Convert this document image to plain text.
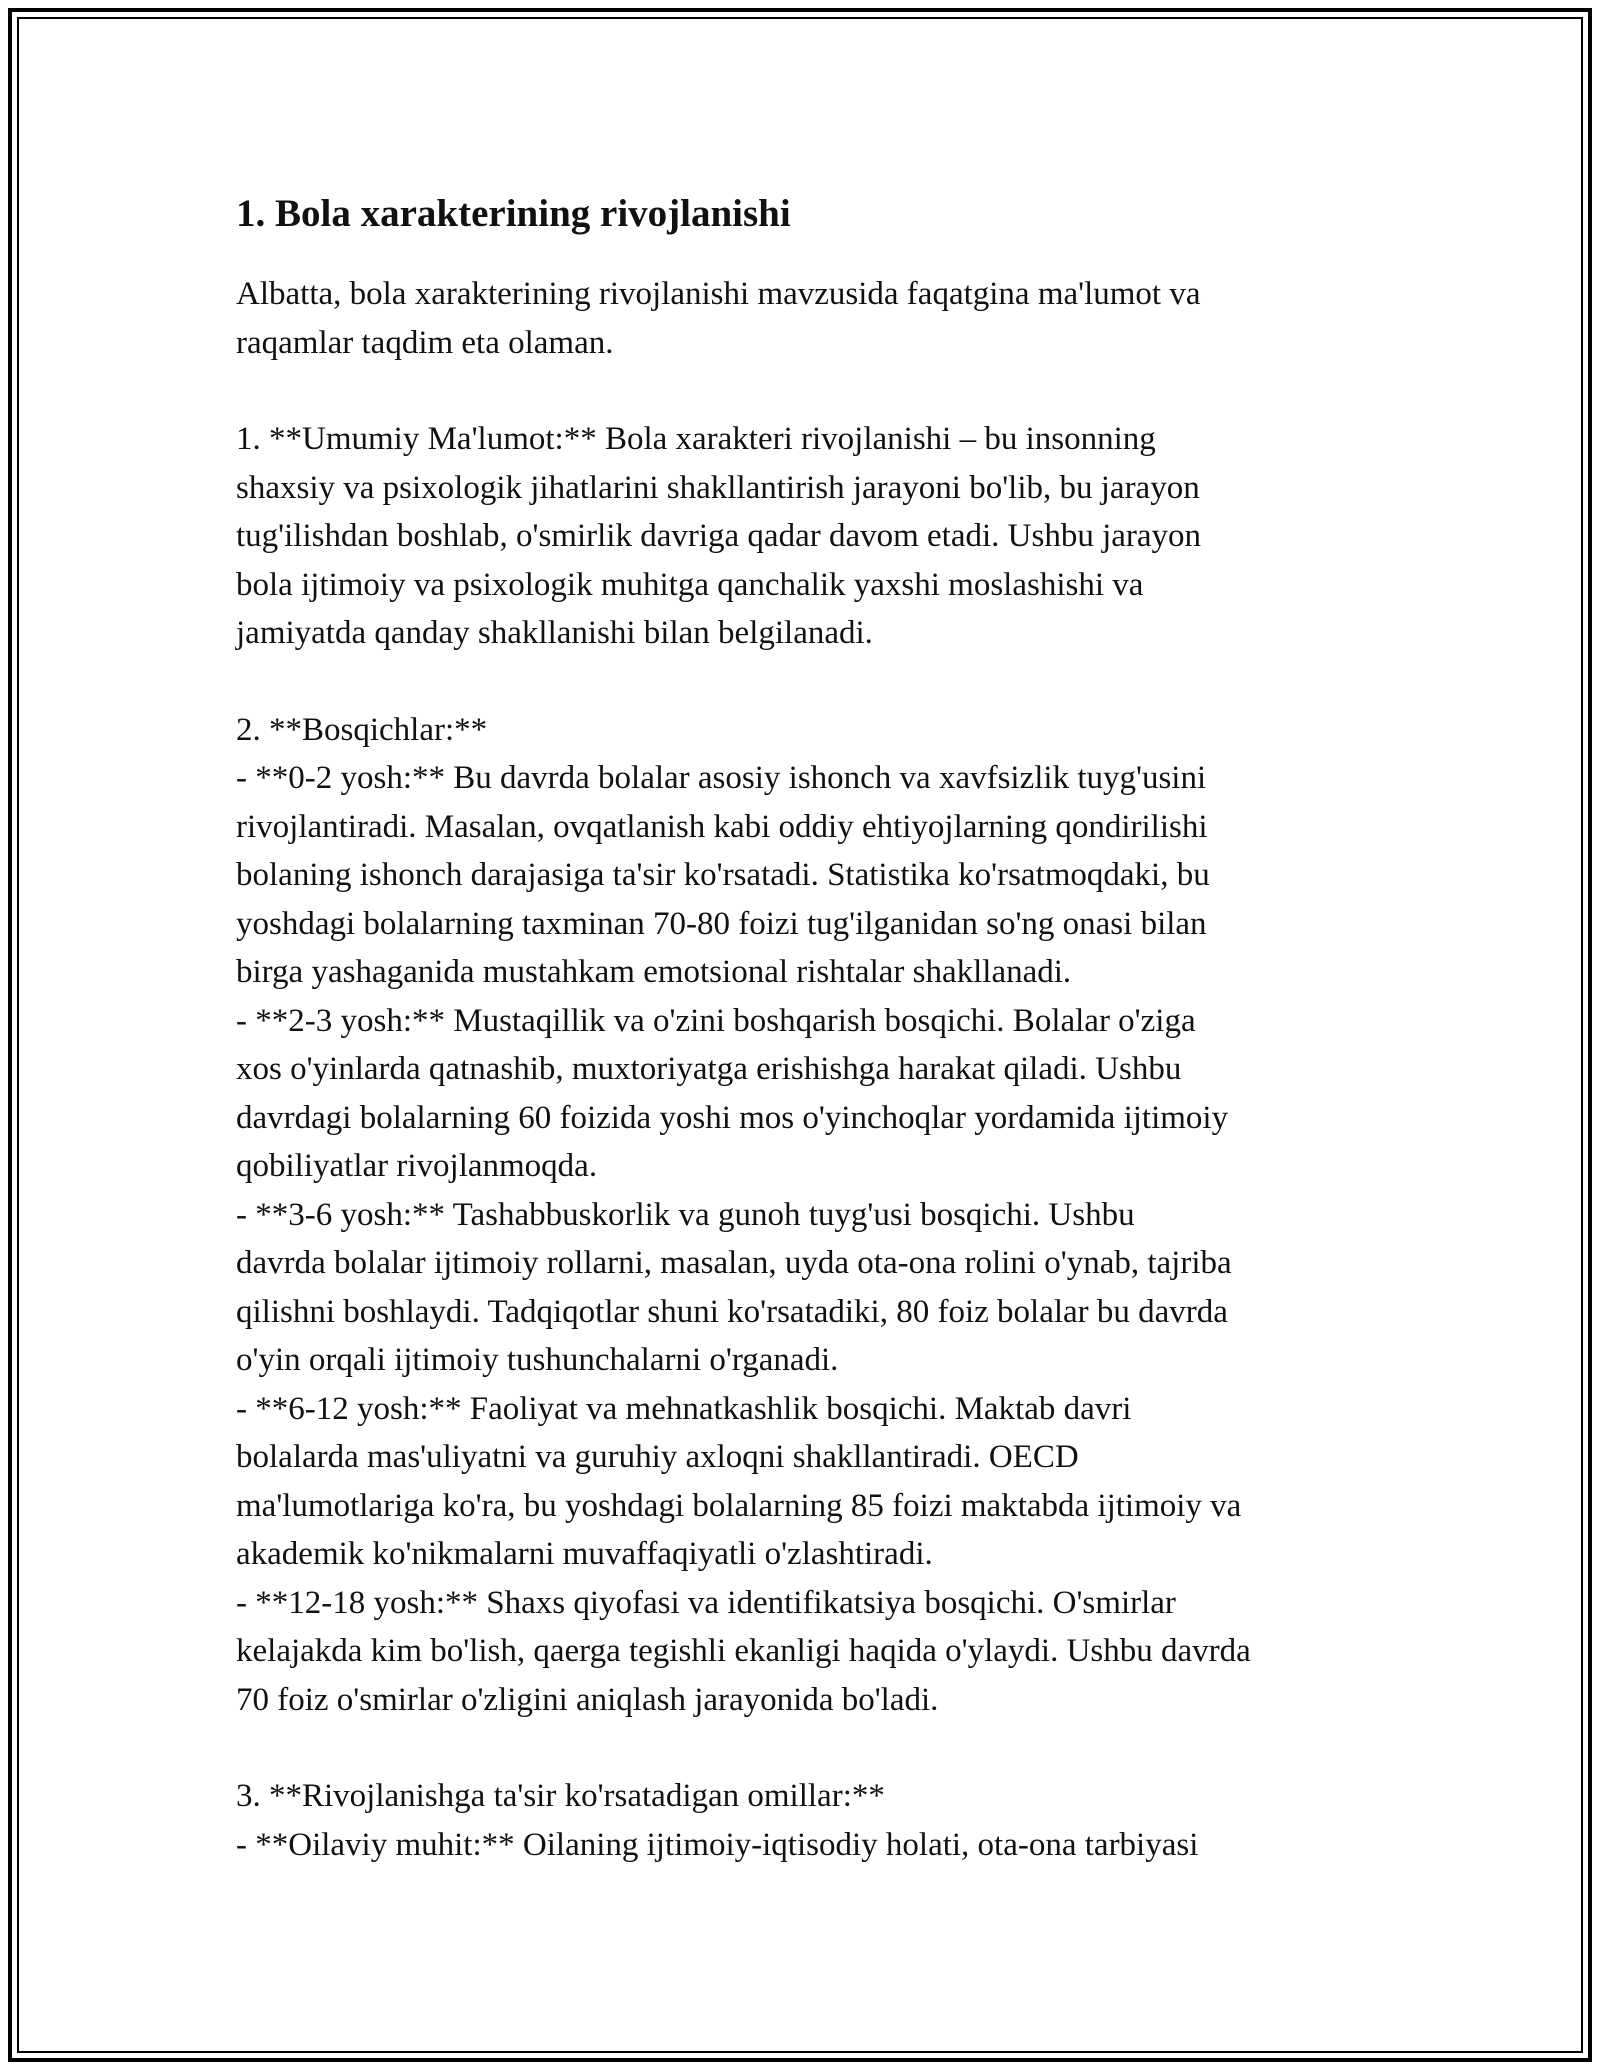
1. Bola xarakterining rivojlanishi

Albatta, bola xarakterining rivojlanishi mavzusida faqatgina ma'lumot va
raqamlar taqdim eta olaman.

1. **Umumiy Ma'lumot:** Bola xarakteri rivojlanishi – bu insonning
shaxsiy va psixologik jihatlarini shakllantirish jarayoni bo'lib, bu jarayon
tug'ilishdan boshlab, o'smirlik davriga qadar davom etadi. Ushbu jarayon
bola ijtimoiy va psixologik muhitga qanchalik yaxshi moslashishi va
jamiyatda qanday shakllanishi bilan belgilanadi.

2. **Bosqichlar:**
- **0-2 yosh:** Bu davrda bolalar asosiy ishonch va xavfsizlik tuyg'usini
rivojlantiradi. Masalan, ovqatlanish kabi oddiy ehtiyojlarning qondirilishi
bolaning ishonch darajasiga ta'sir ko'rsatadi. Statistika ko'rsatmoqdaki, bu
yoshdagi bolalarning taxminan 70-80 foizi tug'ilganidan so'ng onasi bilan
birga yashaganida mustahkam emotsional rishtalar shakllanadi.
- **2-3 yosh:** Mustaqillik va o'zini boshqarish bosqichi. Bolalar o'ziga
xos o'yinlarda qatnashib, muxtoriyatga erishishga harakat qiladi. Ushbu
davrdagi bolalarning 60 foizida yoshi mos o'yinchoqlar yordamida ijtimoiy
qobiliyatlar rivojlanmoqda.
- **3-6 yosh:** Tashabbuskorlik va gunoh tuyg'usi bosqichi. Ushbu
davrda bolalar ijtimoiy rollarni, masalan, uyda ota-ona rolini o'ynab, tajriba
qilishni boshlaydi. Tadqiqotlar shuni ko'rsatadiki, 80 foiz bolalar bu davrda
o'yin orqali ijtimoiy tushunchalarni o'rganadi.
- **6-12 yosh:** Faoliyat va mehnatkashlik bosqichi. Maktab davri
bolalarda mas'uliyatni va guruhiy axloqni shakllantiradi. OECD
ma'lumotlariga ko'ra, bu yoshdagi bolalarning 85 foizi maktabda ijtimoiy va
akademik ko'nikmalarni muvaffaqiyatli o'zlashtiradi.
- **12-18 yosh:** Shaxs qiyofasi va identifikatsiya bosqichi. O'smirlar
kelajakda kim bo'lish, qaerga tegishli ekanligi haqida o'ylaydi. Ushbu davrda
70 foiz o'smirlar o'zligini aniqlash jarayonida bo'ladi.

3. **Rivojlanishga ta'sir ko'rsatadigan omillar:**
- **Oilaviy muhit:** Oilaning ijtimoiy-iqtisodiy holati, ota-ona tarbiyasi
